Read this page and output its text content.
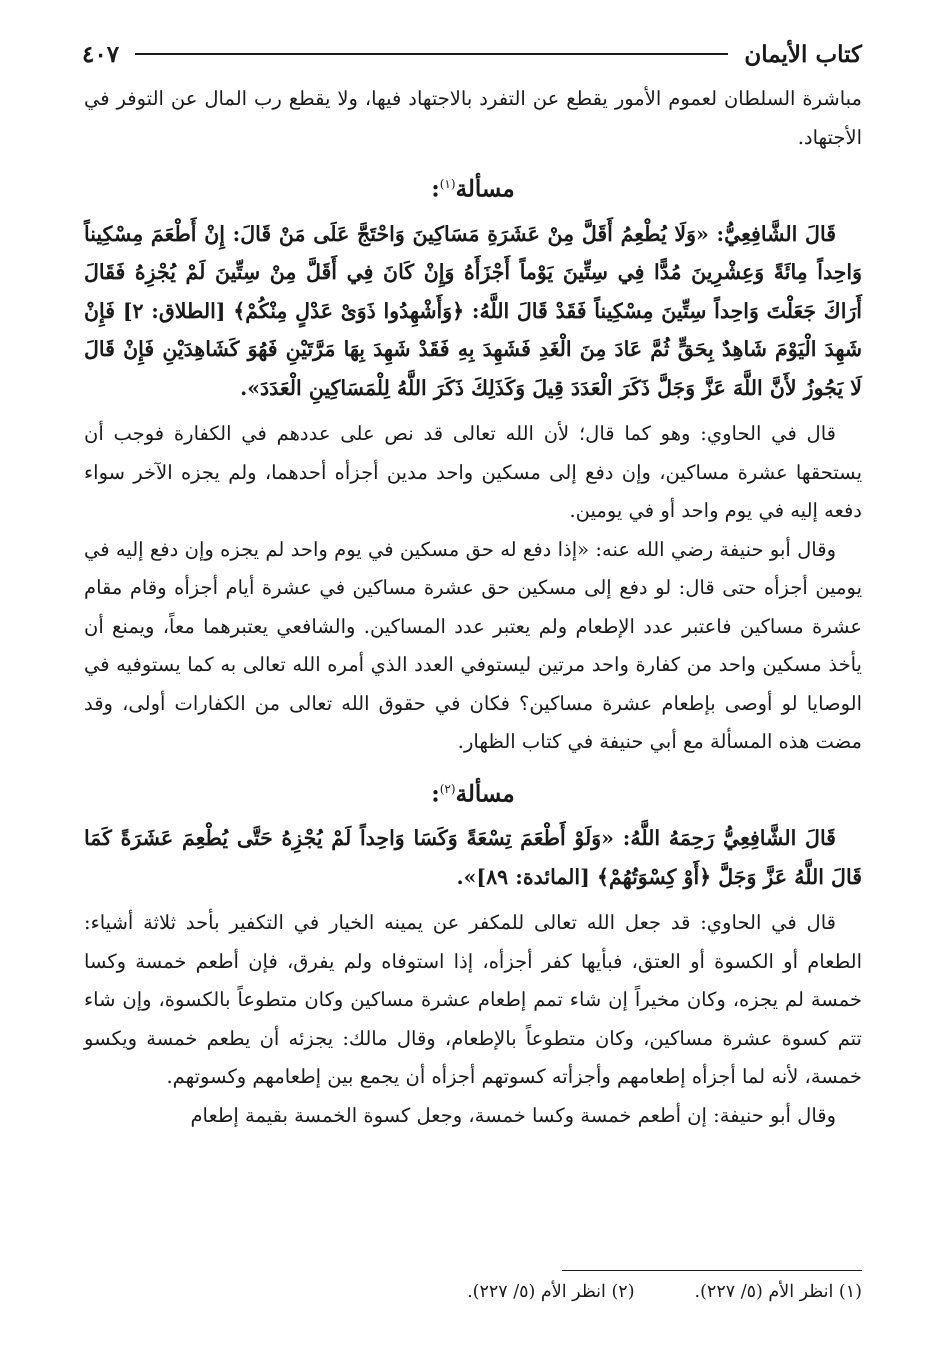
كتاب الأيمان
٤٠٧

مباشرة السلطان لعموم الأمور يقطع عن التفرد بالاجتهاد فيها، ولا يقطع رب المال عن التوفر في الأجتهاد.

مسألة$^{(١)}$:

قَالَ الشَّافِعِيُّ: «وَلَا يُطْعِمُ أَقَلَّ مِنْ عَشَرَةِ مَسَاكِينَ وَاحْتَجَّ عَلَى مَنْ قَالَ: إِنْ أَطْعَمَ مِسْكِيناً وَاحِداً مِائَةً وَعِشْرِينَ مُدًّا فِي سِتِّينَ يَوْماً أَجْزَأَهُ وَإِنْ كَانَ فِي أَقَلَّ مِنْ سِتِّينَ لَمْ يُجْزِهُ فَقَالَ أَرَاكَ جَعَلْتَ وَاحِداً سِتِّينَ مِسْكِيناً فَقَدْ قَالَ اللَّهُ: ﴿وَأَشْهِدُوا ذَوَىْ عَدْلٍ مِنْكُمْ﴾ [الطلاق: ٢] فَإِنْ شَهِدَ الْيَوْمَ شَاهِدٌ بِحَقٍّ ثُمَّ عَادَ مِنَ الْغَدِ فَشَهِدَ بِهِ فَقَدْ شَهِدَ بِهَا مَرَّتَيْنِ فَهُوَ كَشَاهِدَيْنِ فَإِنْ قَالَ لَا يَجُوزُ لأَنَّ اللَّهَ عَزَّ وَجَلَّ ذَكَرَ الْعَدَدَ قِيلَ وَكَذَلِكَ ذَكَرَ اللَّهُ لِلْمَسَاكِينِ الْعَدَدَ».

قال في الحاوي: وهو كما قال؛ لأن الله تعالى قد نص على عددهم في الكفارة فوجب أن يستحقها عشرة مساكين، وإن دفع إلى مسكين واحد مدين أجزأه أحدهما، ولم يجزه الآخر سواء دفعه إليه في يوم واحد أو في يومين.

وقال أبو حنيفة رضي الله عنه: «إذا دفع له حق مسكين في يوم واحد لم يجزه وإن دفع إليه في يومين أجزأه حتى قال: لو دفع إلى مسكين حق عشرة مساكين في عشرة أيام أجزأه وقام مقام عشرة مساكين فاعتبر عدد الإطعام ولم يعتبر عدد المساكين. والشافعي يعتبرهما معاً، ويمنع أن يأخذ مسكين واحد من كفارة واحد مرتين ليستوفي العدد الذي أمره الله تعالى به كما يستوفيه في الوصايا لو أوصى بإطعام عشرة مساكين؟ فكان في حقوق الله تعالى من الكفارات أولى، وقد مضت هذه المسألة مع أبي حنيفة في كتاب الظهار.

مسألة$^{(٢)}$:

قَالَ الشَّافِعِيُّ رَحِمَهُ اللَّهُ: «وَلَوْ أَطْعَمَ تِسْعَةً وَكَسَا وَاحِداً لَمْ يُجْزِهُ حَتَّى يُطْعِمَ عَشَرَةً كَمَا قَالَ اللَّهُ عَزَّ وَجَلَّ ﴿أَوْ كِسْوَتُهُمْ﴾ [المائدة: ٨٩]».

قال في الحاوي: قد جعل الله تعالى للمكفر عن يمينه الخيار في التكفير بأحد ثلاثة أشياء: الطعام أو الكسوة أو العتق، فبأيها كفر أجزأه، إذا استوفاه ولم يفرق، فإن أطعم خمسة وكسا خمسة لم يجزه، وكان مخيراً إن شاء تمم إطعام عشرة مساكين وكان متطوعاً بالكسوة، وإن شاء تتم كسوة عشرة مساكين، وكان متطوعاً بالإطعام، وقال مالك: يجزئه أن يطعم خمسة ويكسو خمسة، لأنه لما أجزأه إطعامهم وأجزأته كسوتهم أجزأه أن يجمع بين إطعامهم وكسوتهم.

وقال أبو حنيفة: إن أطعم خمسة وكسا خمسة، وجعل كسوة الخمسة بقيمة إطعام

(١) انظر الأم (٥/ ٢٢٧).
(٢) انظر الأم (٥/ ٢٢٧).
